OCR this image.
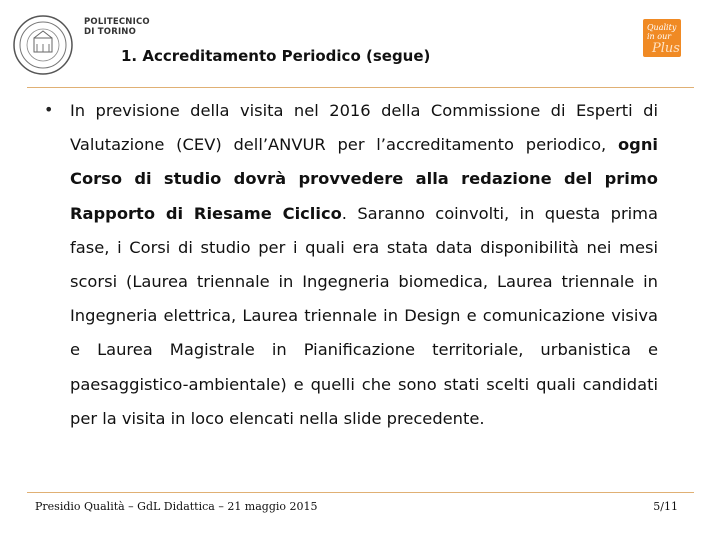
POLITECNICO
DI TORINO
1. Accreditamento Periodico (segue)
Quality in our
Plus
• In previsione della visita nel 2016 della Commissione di Esperti di Valutazione (CEV) dell’ANVUR per l’accreditamento periodico, ogni Corso di studio dovrà provvedere alla redazione del primo Rapporto di Riesame Ciclico. Saranno coinvolti, in questa prima fase, i Corsi di studio per i quali era stata data disponibilità nei mesi scorsi (Laurea triennale in Ingegneria biomedica, Laurea triennale in Ingegneria elettrica, Laurea triennale in Design e comunicazione visiva e Laurea Magistrale in Pianificazione territoriale, urbanistica e paesaggistico-ambientale) e quelli che sono stati scelti quali candidati per la visita in loco elencati nella slide precedente.
Presidio Qualità – GdL Didattica – 21 maggio 2015	5/11
